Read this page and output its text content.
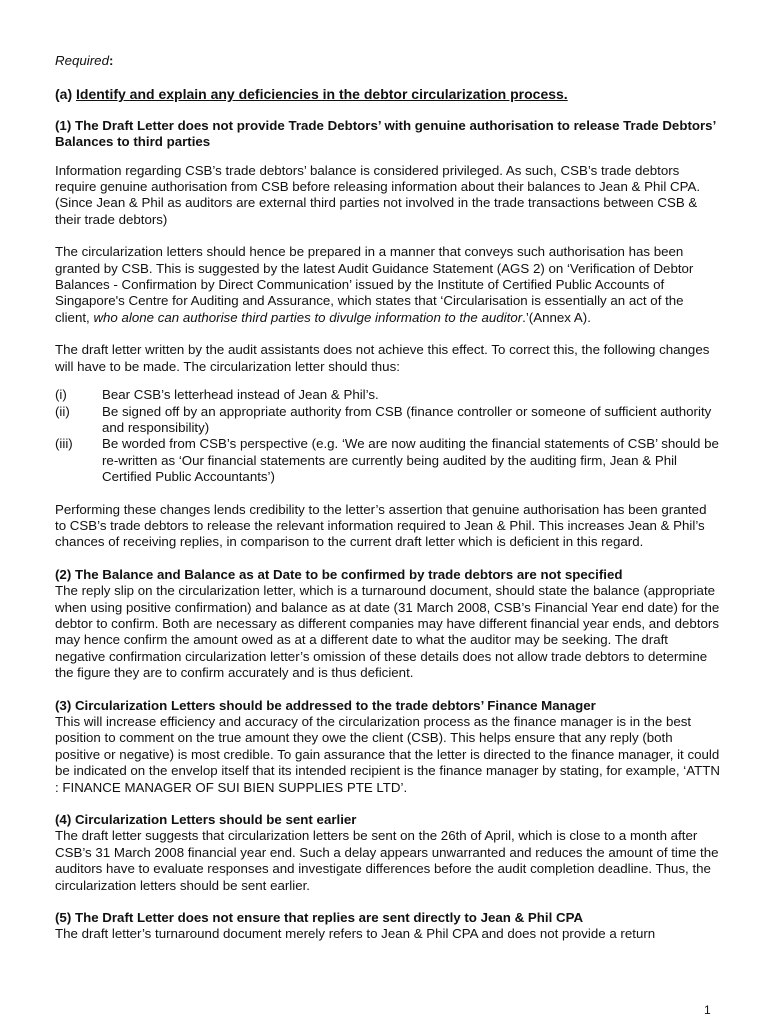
Required:

(a) Identify and explain any deficiencies in the debtor circularization process.

(1) The Draft Letter does not provide Trade Debtors’ with genuine authorisation to release Trade Debtors’ Balances to third parties

Information regarding CSB’s trade debtors’ balance is considered privileged. As such, CSB’s trade debtors require genuine authorisation from CSB before releasing information about their balances to Jean & Phil CPA. (Since Jean & Phil as auditors are external third parties not involved in the trade transactions between CSB & their trade debtors)

The circularization letters should hence be prepared in a manner that conveys such authorisation has been granted by CSB. This is suggested by the latest Audit Guidance Statement (AGS 2) on ‘Verification of Debtor Balances - Confirmation by Direct Communication’ issued by the Institute of Certified Public Accounts of Singapore's Centre for Auditing and Assurance, which states that ‘Circularisation is essentially an act of the client, who alone can authorise third parties to divulge information to the auditor.’(Annex A).

The draft letter written by the audit assistants does not achieve this effect. To correct this, the following changes will have to be made. The circularization letter should thus:

(i)	Bear CSB’s letterhead instead of Jean & Phil’s.
(ii)	Be signed off by an appropriate authority from CSB (finance controller or someone of sufficient authority and responsibility)
(iii)	Be worded from CSB’s perspective (e.g. ‘We are now auditing the financial statements of CSB’ should be re-written as ‘Our financial statements are currently being audited by the auditing firm, Jean & Phil Certified Public Accountants’)

Performing these changes lends credibility to the letter’s assertion that genuine authorisation has been granted to CSB’s trade debtors to release the relevant information required to Jean & Phil. This increases Jean & Phil’s chances of receiving replies, in comparison to the current draft letter which is deficient in this regard.

(2) The Balance and Balance as at Date to be confirmed by trade debtors are not specified

The reply slip on the circularization letter, which is a turnaround document, should state the balance (appropriate when using positive confirmation) and balance as at date (31 March 2008, CSB’s Financial Year end date) for the debtor to confirm. Both are necessary as different companies may have different financial year ends, and debtors may hence confirm the amount owed as at a different date to what the auditor may be seeking. The draft negative confirmation circularization letter’s omission of these details does not allow trade debtors to determine the figure they are to confirm accurately and is thus deficient.

(3) Circularization Letters should be addressed to the trade debtors’ Finance Manager

This will increase efficiency and accuracy of the circularization process as the finance manager is in the best position to comment on the true amount they owe the client (CSB). This helps ensure that any reply (both positive or negative) is most credible. To gain assurance that the letter is directed to the finance manager, it could be indicated on the envelop itself that its intended recipient is the finance manager by stating, for example, ‘ATTN : FINANCE MANAGER OF SUI BIEN SUPPLIES PTE LTD’.

(4) Circularization Letters should be sent earlier

The draft letter suggests that circularization letters be sent on the 26th of April, which is close to a month after CSB’s 31 March 2008 financial year end. Such a delay appears unwarranted and reduces the amount of time the auditors have to evaluate responses and investigate differences before the audit completion deadline. Thus, the circularization letters should be sent earlier.

(5) The Draft Letter does not ensure that replies are sent directly to Jean & Phil CPA

The draft letter’s turnaround document merely refers to Jean & Phil CPA and does not provide a return

1
